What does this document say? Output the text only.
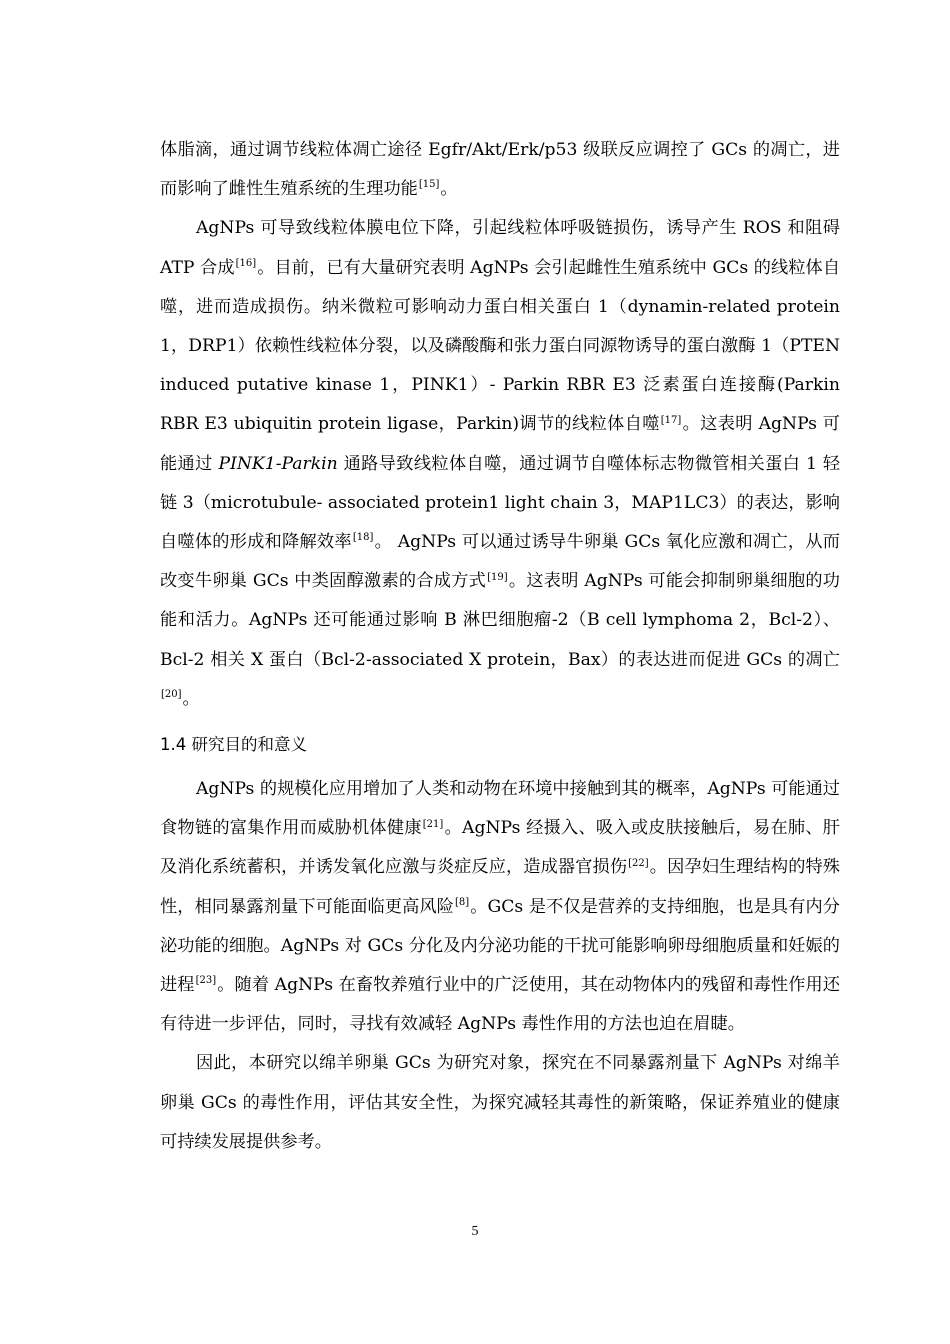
体脂滴，通过调节线粒体凋亡途径 Egfr/Akt/Erk/p53 级联反应调控了 GCs 的凋亡，进而影响了雌性生殖系统的生理功能[15]。

AgNPs 可导致线粒体膜电位下降，引起线粒体呼吸链损伤，诱导产生 ROS 和阻碍 ATP 合成[16]。目前，已有大量研究表明 AgNPs 会引起雌性生殖系统中 GCs 的线粒体自噬，进而造成损伤。纳米微粒可影响动力蛋白相关蛋白 1（dynamin-related protein 1，DRP1）依赖性线粒体分裂，以及磷酸酶和张力蛋白同源物诱导的蛋白激酶 1（PTEN induced putative kinase 1，PINK1）- Parkin RBR E3 泛素蛋白连接酶(Parkin RBR E3 ubiquitin protein ligase，Parkin)调节的线粒体自噬[17]。这表明 AgNPs 可能通过 PINK1-Parkin 通路导致线粒体自噬，通过调节自噬体标志物微管相关蛋白 1 轻链 3（microtubule- associated protein1 light chain 3，MAP1LC3）的表达，影响自噬体的形成和降解效率[18]。 AgNPs 可以通过诱导牛卵巢 GCs 氧化应激和凋亡，从而改变牛卵巢 GCs 中类固醇激素的合成方式[19]。这表明 AgNPs 可能会抑制卵巢细胞的功能和活力。AgNPs 还可能通过影响 B 淋巴细胞瘤-2（B cell lymphoma 2，Bcl-2）、Bcl-2 相关 X 蛋白（Bcl-2-associated X protein，Bax）的表达进而促进 GCs 的凋亡[20]。

1.4 研究目的和意义

AgNPs 的规模化应用增加了人类和动物在环境中接触到其的概率，AgNPs 可能通过食物链的富集作用而威胁机体健康[21]。AgNPs 经摄入、吸入或皮肤接触后，易在肺、肝及消化系统蓄积，并诱发氧化应激与炎症反应，造成器官损伤[22]。因孕妇生理结构的特殊性，相同暴露剂量下可能面临更高风险[8]。GCs 是不仅是营养的支持细胞，也是具有内分泌功能的细胞。AgNPs 对 GCs 分化及内分泌功能的干扰可能影响卵母细胞质量和妊娠的进程[23]。随着 AgNPs 在畜牧养殖行业中的广泛使用，其在动物体内的残留和毒性作用还有待进一步评估，同时，寻找有效减轻 AgNPs 毒性作用的方法也迫在眉睫。

因此，本研究以绵羊卵巢 GCs 为研究对象，探究在不同暴露剂量下 AgNPs 对绵羊卵巢 GCs 的毒性作用，评估其安全性，为探究减轻其毒性的新策略，保证养殖业的健康可持续发展提供参考。

5
